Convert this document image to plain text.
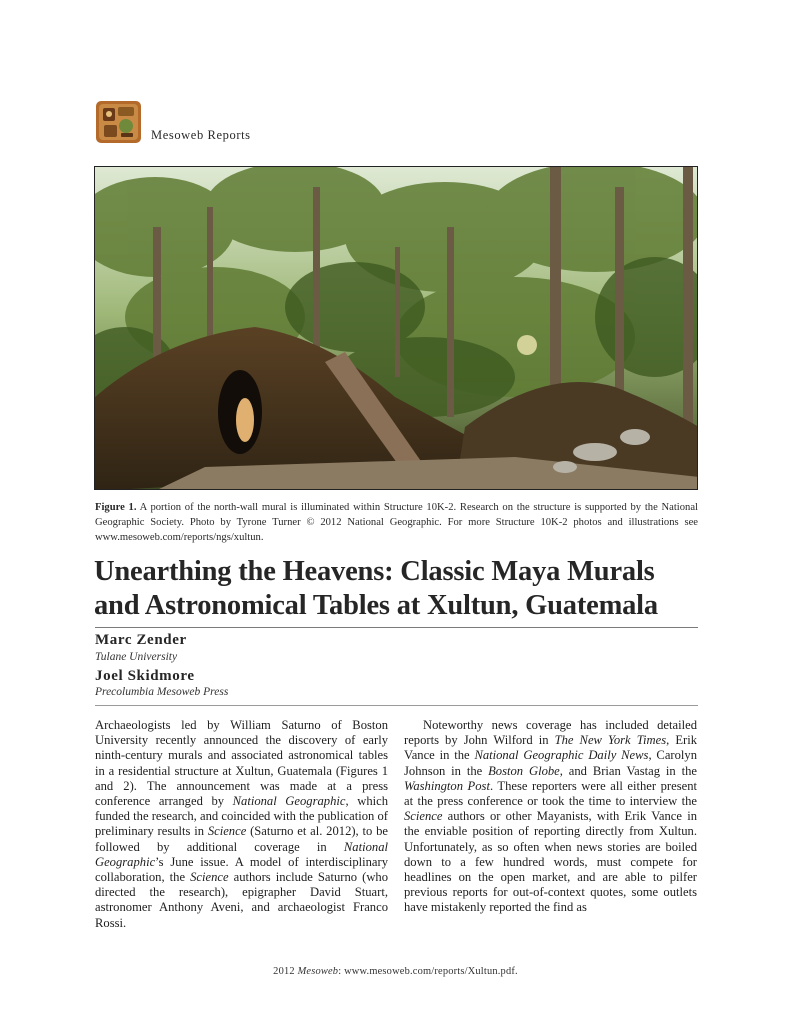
Mesoweb Reports
Figure 1. A portion of the north-wall mural is illuminated within Structure 10K-2. Research on the structure is supported by the National Geographic Society. Photo by Tyrone Turner © 2012 National Geographic. For more Structure 10K-2 photos and illustrations see www.mesoweb.com/reports/ngs/xultun.
Unearthing the Heavens: Classic Maya Murals and Astronomical Tables at Xultun, Guatemala
Marc Zender
Tulane University
Joel Skidmore
Precolumbia Mesoweb Press

Archaeologists led by William Saturno of Boston University recently announced the discovery of early ninth-century murals and associated astronomical tables in a residential structure at Xultun, Guatemala (Figures 1 and 2). The announcement was made at a press conference arranged by National Geographic, which funded the research, and coincided with the publication of preliminary results in Science (Saturno et al. 2012), to be followed by additional coverage in National Geographic’s June issue. A model of interdisciplinary collaboration, the Science authors include Saturno (who directed the research), epigrapher David Stuart, astronomer Anthony Aveni, and archaeologist Franco Rossi.

Noteworthy news coverage has included detailed reports by John Wilford in The New York Times, Erik Vance in the National Geographic Daily News, Carolyn Johnson in the Boston Globe, and Brian Vastag in the Washington Post. These reporters were all either present at the press conference or took the time to interview the Science authors or other Mayanists, with Erik Vance in the enviable position of reporting directly from Xultun. Unfortunately, as so often when news stories are boiled down to a few hundred words, must compete for headlines on the open market, and are able to pilfer previous reports for out-of-context quotes, some outlets have mistakenly reported the find as

2012 Mesoweb: www.mesoweb.com/reports/Xultun.pdf.
